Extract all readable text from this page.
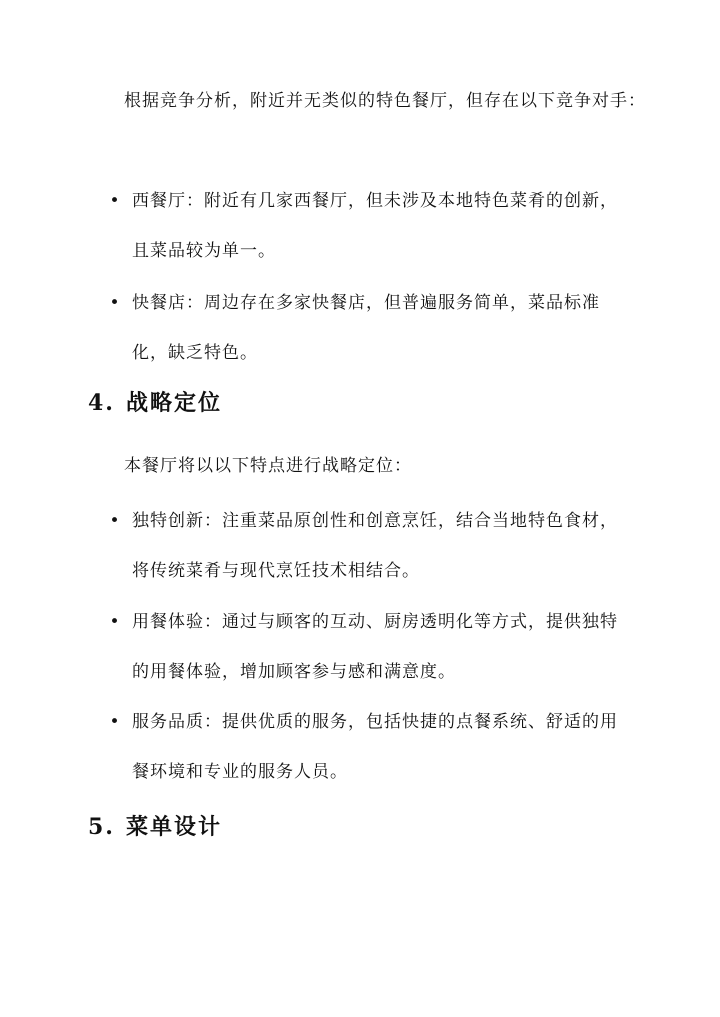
根据竞争分析，附近并无类似的特色餐厅，但存在以下竞争对手：

• 西餐厅：附近有几家西餐厅，但未涉及本地特色菜肴的创新，且菜品较为单一。
• 快餐店：周边存在多家快餐店，但普遍服务简单，菜品标准化，缺乏特色。
4. 战略定位
本餐厅将以以下特点进行战略定位：
• 独特创新：注重菜品原创性和创意烹饪，结合当地特色食材，将传统菜肴与现代烹饪技术相结合。
• 用餐体验：通过与顾客的互动、厨房透明化等方式，提供独特的用餐体验，增加顾客参与感和满意度。
• 服务品质：提供优质的服务，包括快捷的点餐系统、舒适的用餐环境和专业的服务人员。
5. 菜单设计
